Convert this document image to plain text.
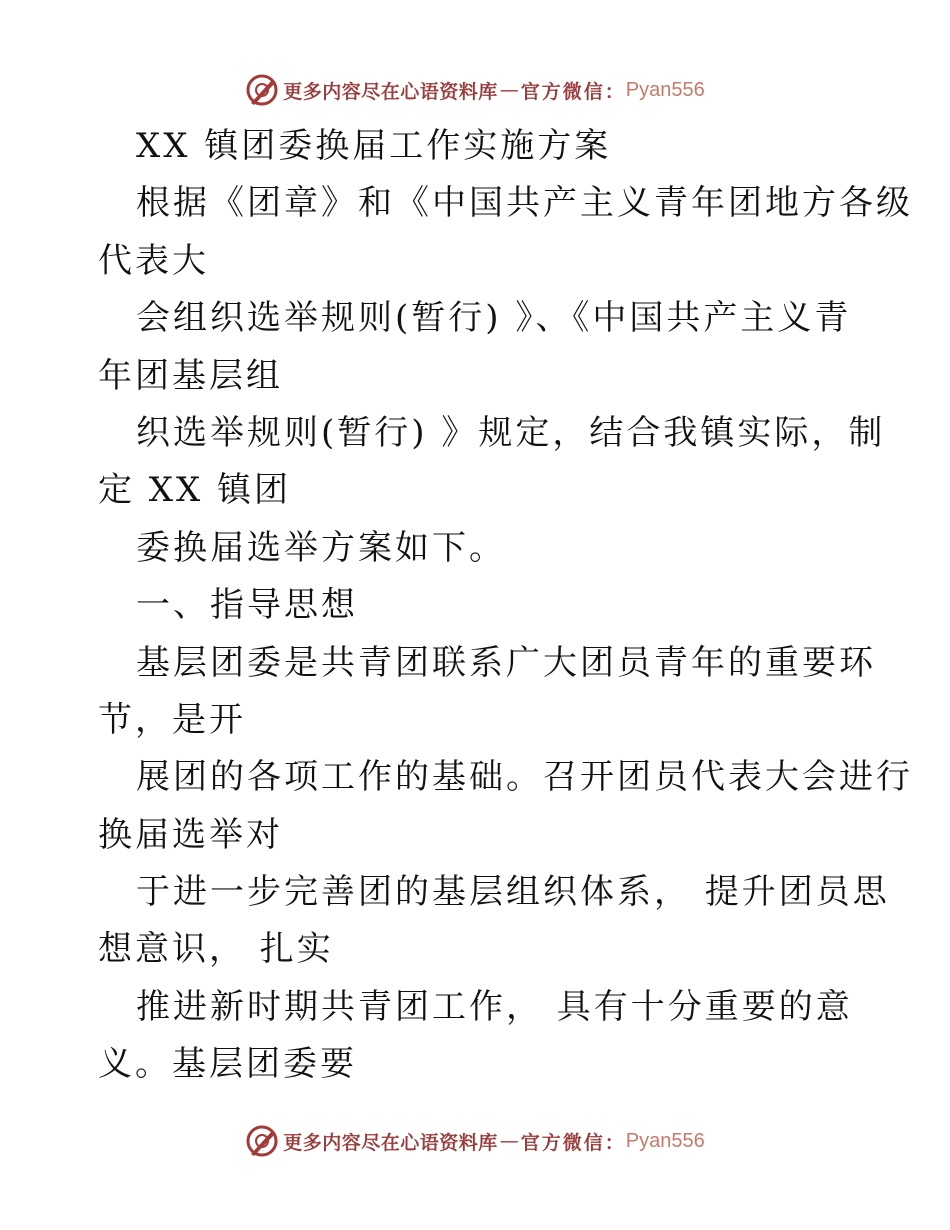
更多内容尽在心语资料库 — 官方微信： Pyan556
XX 镇团委换届工作实施方案
根据《团章》和《中国共产主义青年团地方各级
代表大
会组织选举规则(暂行) 》、《中国共产主义青
年团基层组
织选举规则(暂行) 》规定，结合我镇实际，制
定 XX 镇团
委换届选举方案如下。
一、指导思想
基层团委是共青团联系广大团员青年的重要环
节，是开
展团的各项工作的基础。召开团员代表大会进行
换届选举对
于进一步完善团的基层组织体系， 提升团员思
想意识， 扎实
推进新时期共青团工作， 具有十分重要的意
义。基层团委要
更多内容尽在心语资料库 — 官方微信： Pyan556
